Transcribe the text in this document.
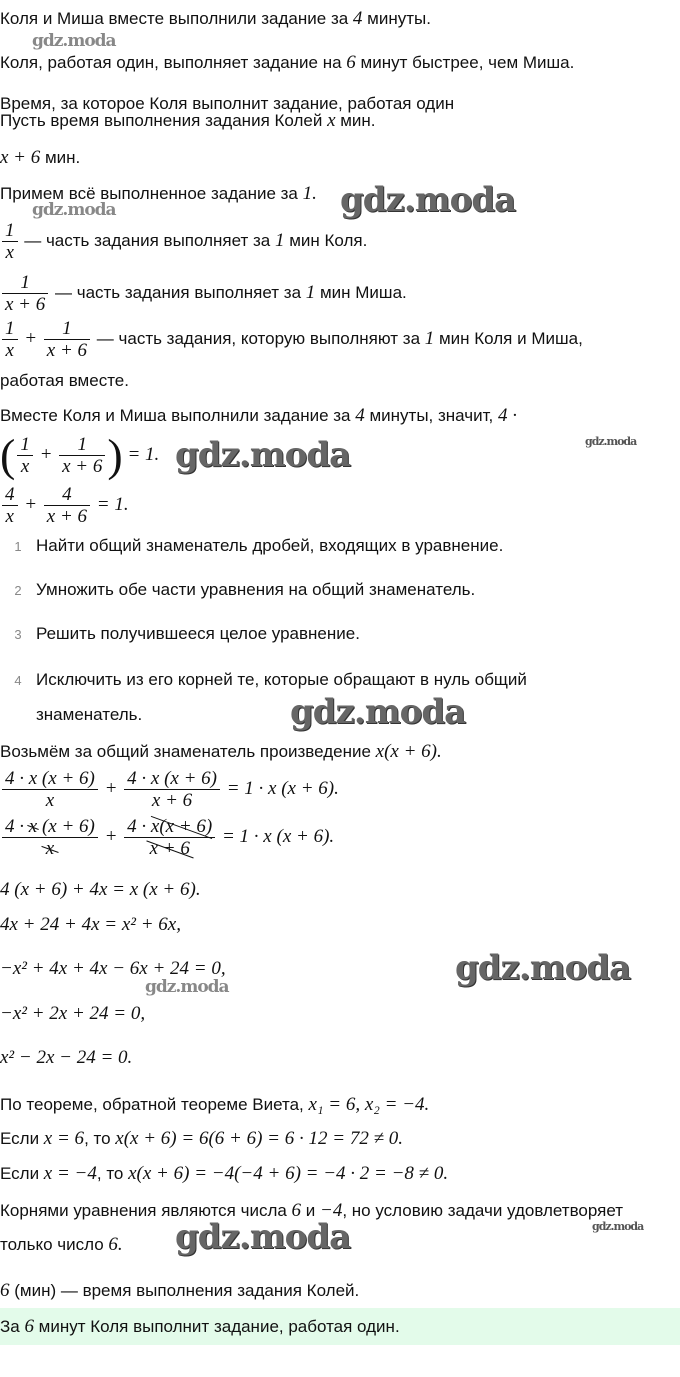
Коля и Миша вместе выполнили задание за 4 минуты.
Коля, работая один, выполняет задание на 6 минут быстрее, чем Миша.
Время, за которое Коля выполнит задание, работая один
Пусть время выполнения задания Колей x мин.
x + 6 мин.
Примем всё выполненное задание за 1.
$\frac{1}{x}$ — часть задания выполняет за 1 мин Коля.
$\frac{1}{x + 6}$ — часть задания выполняет за 1 мин Миша.
$\frac{1}{x} + \frac{1}{x + 6}$ — часть задания, которую выполняют за 1 мин Коля и Миша,
работая вместе.
Вместе Коля и Миша выполнили задание за 4 минуты, значит, 4 ·
( $\frac{1}{x} + \frac{1}{x + 6}$ ) = 1.
$\frac{4}{x} + \frac{4}{x + 6} = 1$.
1 Найти общий знаменатель дробей, входящих в уравнение.
2 Умножить обе части уравнения на общий знаменатель.
3 Решить получившееся целое уравнение.
4 Исключить из его корней те, которые обращают в нуль общий
знаменатель.
Возьмём за общий знаменатель произведение x(x + 6).
$\frac{4 \cdot x (x + 6)}{x} + \frac{4 \cdot x (x + 6)}{x + 6} = 1 \cdot x$ (x + 6).
$\frac{4 \cdot x (x + 6)}{x} + \frac{4 \cdot x(x + 6)}{x + 6} = 1 \cdot x$ (x + 6).
4 (x + 6) + 4x = x (x + 6).
4x + 24 + 4x = x² + 6x,
−x² + 4x + 4x − 6x + 24 = 0,
−x² + 2x + 24 = 0,
x² − 2x − 24 = 0.
По теореме, обратной теореме Виета, x₁ = 6, x₂ = −4.
Если x = 6, то x(x + 6) = 6(6 + 6) = 6 · 12 = 72 ≠ 0.
Если x = −4, то x(x + 6) = −4(−4 + 6) = −4 · 2 = −8 ≠ 0.
Корнями уравнения являются числа 6 и −4, но условию задачи удовлетворяет
только число 6.
6 (мин) — время выполнения задания Колей.
За 6 минут Коля выполнит задание, работая один.
gdz.moda
gdz.moda
gdz.moda
gdz.moda
gdz.moda
gdz.moda
gdz.moda
gdz.moda
gdz.moda
gdz.moda
